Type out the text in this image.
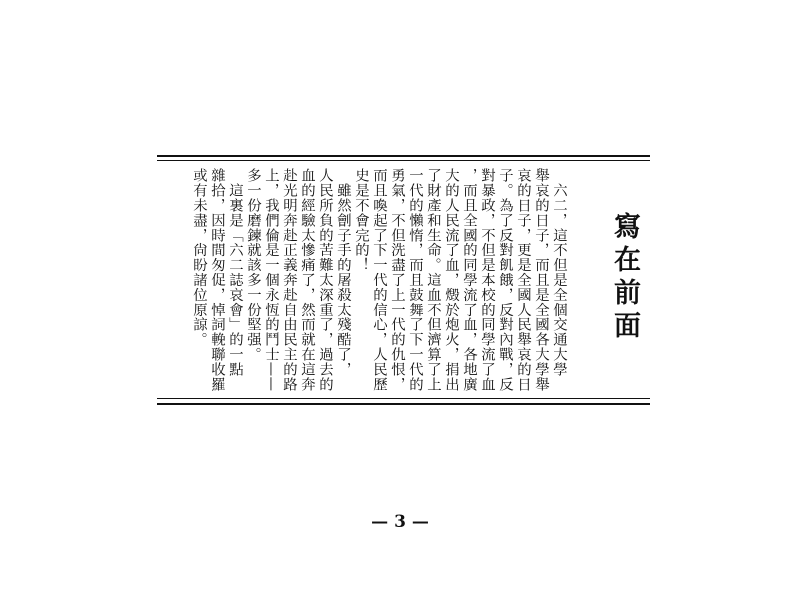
寫在前面
　六二，這不但是全個交通大學
舉哀的日子，而且是全國各大學舉
哀的日子，更是全國人民舉哀的日
子。為了反對飢餓，反對內戰，反
對暴政，不但是本校的同學流了血
，而且全國的同學流了血，各地廣
大的人民流了血，燬於炮火，捐出
了財產和生命。這血不但濟算了上
一代的懶惰，而且鼓舞了下一代的
勇氣，不但洗盡了上一代的仇恨，
而且喚起了下一代的信心，人民歷
史是不會完的！
　雖然劊子手的屠殺太殘酷了，
人民所負的苦難太深重了，過去的
血的經驗太慘痛了，然而就在這奔
赴光明奔赴正義奔赴自由民主的路
上，我們倫是一個永恆的鬥士——
多一份磨鍊就該多一份堅强。
　這裏是「六二誌哀會」的一點
雜拾，因時間匆促，悼詞輓聯收羅
或有未盡，尙盼諸位原諒。
— 3 —
